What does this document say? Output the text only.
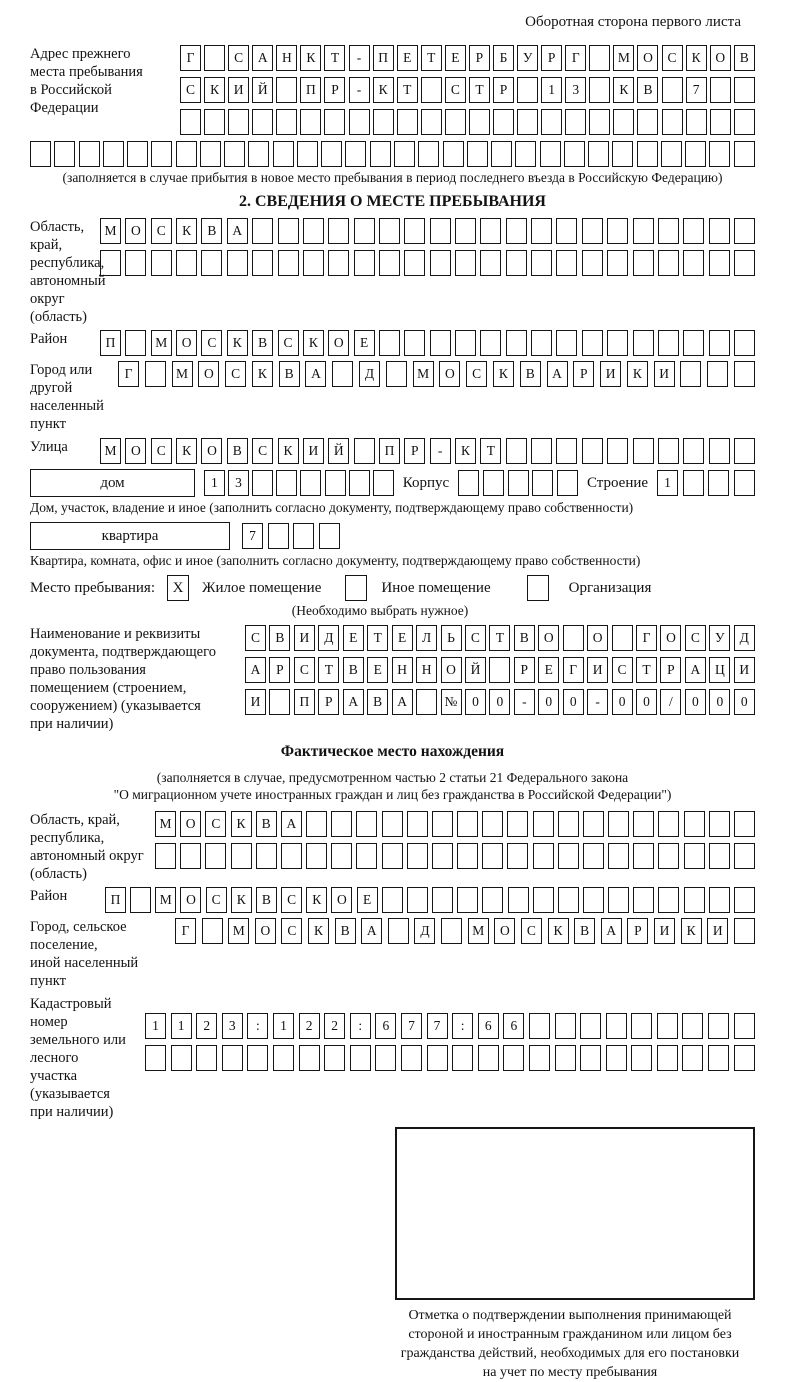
Оборотная сторона первого листа
Адрес прежнего
места пребывания
в Российской
Федерации
Г	С	А	Н	К	Т	-	П	Е	Т	Е	Р	Б	У	Р	Г	М О	С	К	О	В
С	К	И	Й	П	Р	-	К	Т	С	Т	Р	1	3	К	В	7
(заполняется в случае прибытия в новое место пребывания в период последнего въезда в Российскую Федерацию)
2. СВЕДЕНИЯ О МЕСТЕ ПРЕБЫВАНИЯ
Область, край,
республика,
автономный
округ (область)
М	О	С	К	В	А
Район	П	М	О	С	К	В	С	К	О	Е
Город или другой
населенный пункт
Г	М	О	С	К	В	А	Д	М	О	С	К	В	А	Р	И	К	И
Улица	М	О	С	К	О	В	С	К	И	Й	П	Р	-	К	Т
дом	1	3	Корпус	Строение	1
Дом, участок, владение и иное (заполнить согласно документу, подтверждающему право собственности)
квартира	7
Квартира, комната, офис и иное (заполнить согласно документу, подтверждающему право собственности)
Место пребывания:	X	Жилое помещение	Иное помещение	Организация
(Необходимо выбрать нужное)
Наименование и реквизиты
документа, подтверждающего
право пользования
помещением (строением,
сооружением) (указывается
при наличии)
С	В	И	Д	Е	Т	Е	Л	Ь	С	Т	В	О	О	Г	О	С	У	Д
А	Р	С	Т	В	Е	Н	Н	О	Й	Р	Е	Г	И	С	Т	Р	А	Ц	И
И	П	Р	А	В	А	№	0	0	-	0	0	-	0	0	/	0	0	0
Фактическое место нахождения
(заполняется в случае, предусмотренном частью 2 статьи 21 Федерального закона
"О миграционном учете иностранных граждан и лиц без гражданства в Российской Федерации")
Область, край,
республика,
автономный округ
(область)
М	О	С	К	В	А
Район	П	М	О	С	К	В	С	К	О	Е
Город, сельское поселение,
иной населенный пункт
Г	М	О	С	К	В	А	Д	М	О	С	К	В	А	Р	И	К	И
Кадастровый номер
земельного или лесного
участка (указывается
при наличии)
1	1	2	3	:	1	2	2	:	6	7	7	:	6	6
Отметка о подтверждении выполнения принимающей
стороной и иностранным гражданином или лицом без
гражданства действий, необходимых для его постановки
на учет по месту пребывания
